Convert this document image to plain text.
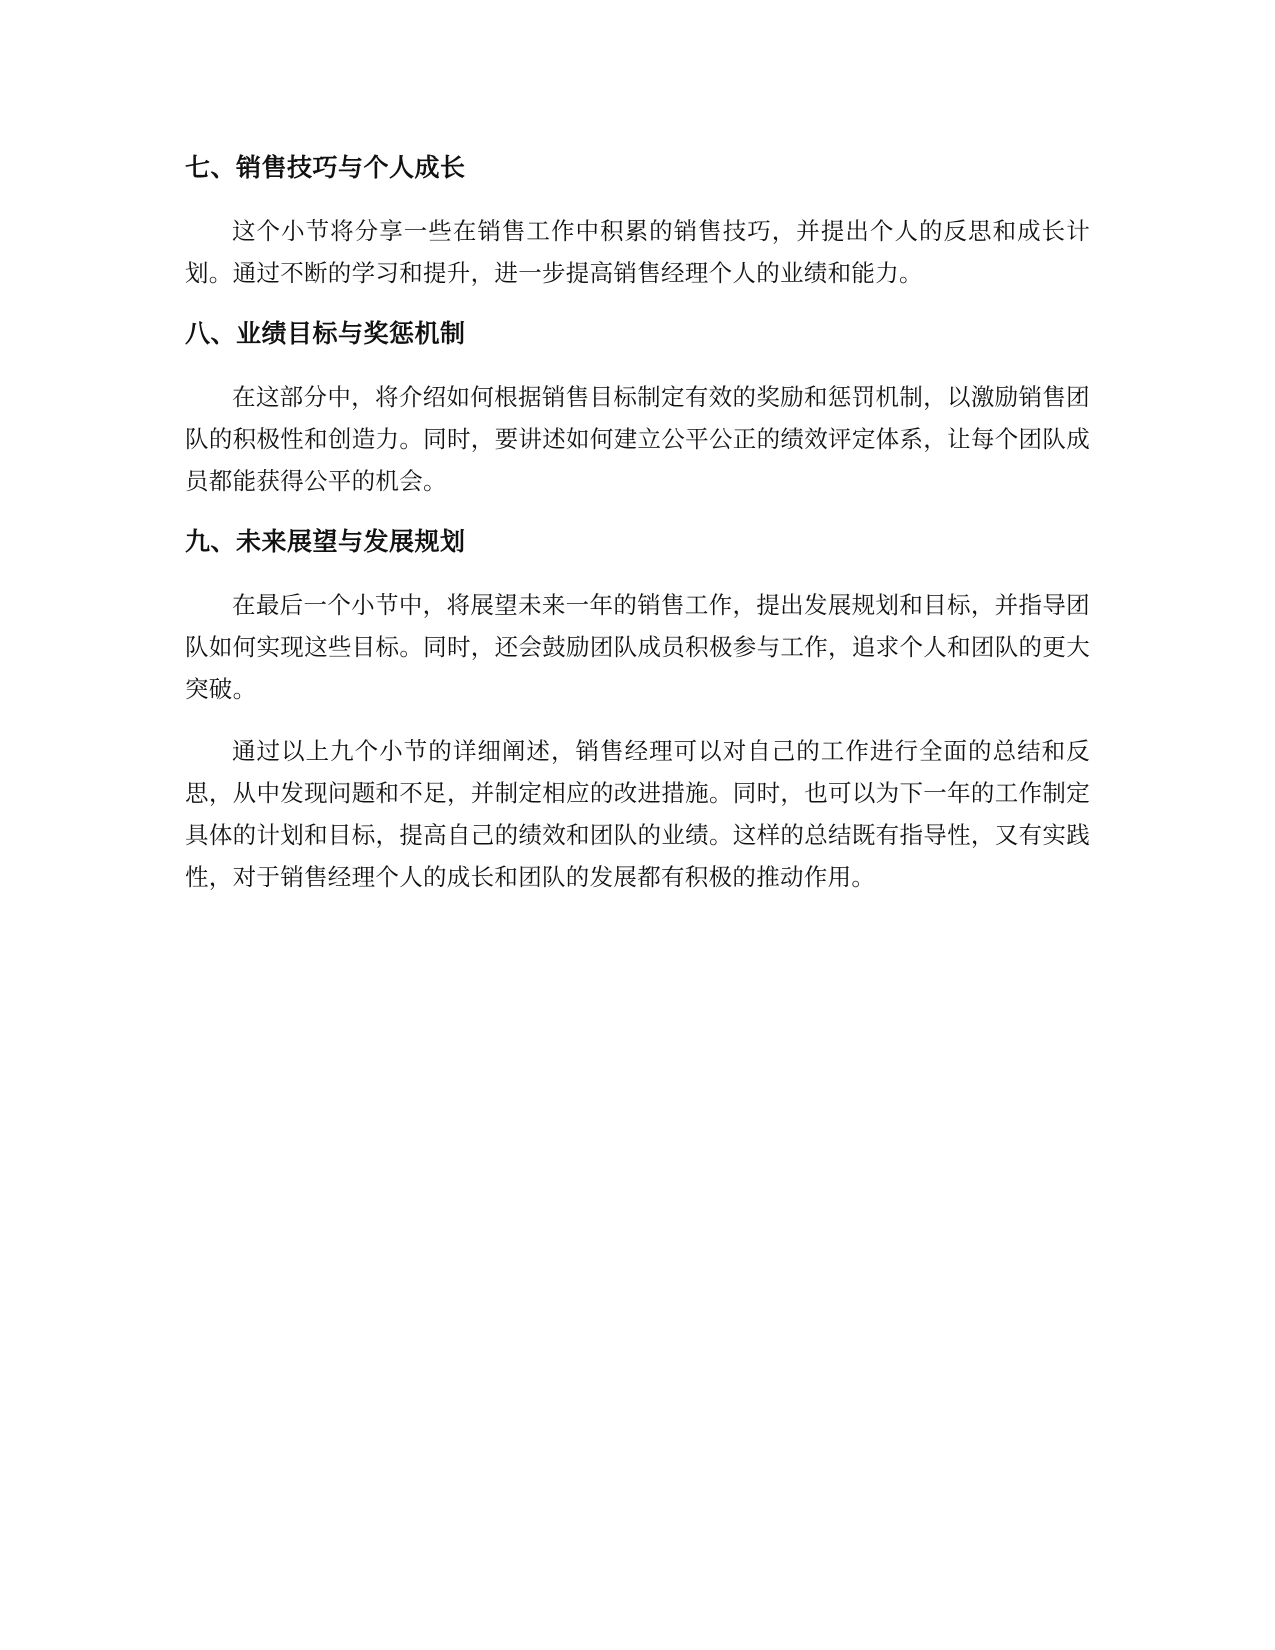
七、销售技巧与个人成长

这个小节将分享一些在销售工作中积累的销售技巧，并提出个人的反思和成长计划。通过不断的学习和提升，进一步提高销售经理个人的业绩和能力。

八、业绩目标与奖惩机制

在这部分中，将介绍如何根据销售目标制定有效的奖励和惩罚机制，以激励销售团队的积极性和创造力。同时，要讲述如何建立公平公正的绩效评定体系，让每个团队成员都能获得公平的机会。

九、未来展望与发展规划

在最后一个小节中，将展望未来一年的销售工作，提出发展规划和目标，并指导团队如何实现这些目标。同时，还会鼓励团队成员积极参与工作，追求个人和团队的更大突破。

通过以上九个小节的详细阐述，销售经理可以对自己的工作进行全面的总结和反思，从中发现问题和不足，并制定相应的改进措施。同时，也可以为下一年的工作制定具体的计划和目标，提高自己的绩效和团队的业绩。这样的总结既有指导性，又有实践性，对于销售经理个人的成长和团队的发展都有积极的推动作用。
